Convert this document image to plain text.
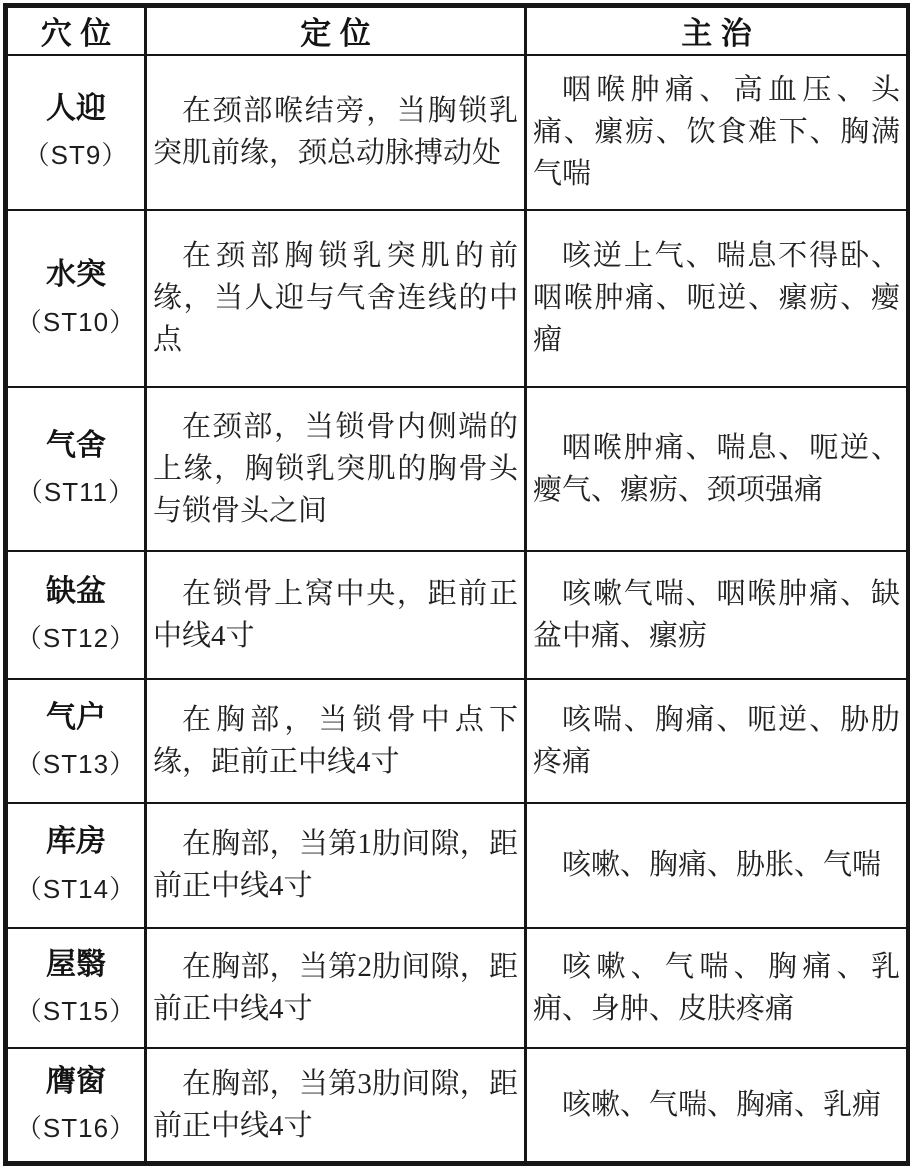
穴 位	定 位	主 治

人迎
（ST9）	在颈部喉结旁，当胸锁乳突肌前缘，颈总动脉搏动处	咽喉肿痛、高血压、头痛、瘰疬、饮食难下、胸满气喘

水突
（ST10）	在颈部胸锁乳突肌的前缘，当人迎与气舍连线的中点	咳逆上气、喘息不得卧、咽喉肿痛、呃逆、瘰疬、瘿瘤

气舍
（ST11）	在颈部，当锁骨内侧端的上缘，胸锁乳突肌的胸骨头与锁骨头之间	咽喉肿痛、喘息、呃逆、瘿气、瘰疬、颈项强痛

缺盆
（ST12）	在锁骨上窝中央，距前正中线4寸	咳嗽气喘、咽喉肿痛、缺盆中痛、瘰疬

气户
（ST13）	在胸部，当锁骨中点下缘，距前正中线4寸	咳喘、胸痛、呃逆、胁肋疼痛

库房
（ST14）	在胸部，当第1肋间隙，距前正中线4寸	咳嗽、胸痛、胁胀、气喘

屋翳
（ST15）	在胸部，当第2肋间隙，距前正中线4寸	咳嗽、气喘、胸痛、乳痈、身肿、皮肤疼痛

膺窗
（ST16）	在胸部，当第3肋间隙，距前正中线4寸	咳嗽、气喘、胸痛、乳痈
